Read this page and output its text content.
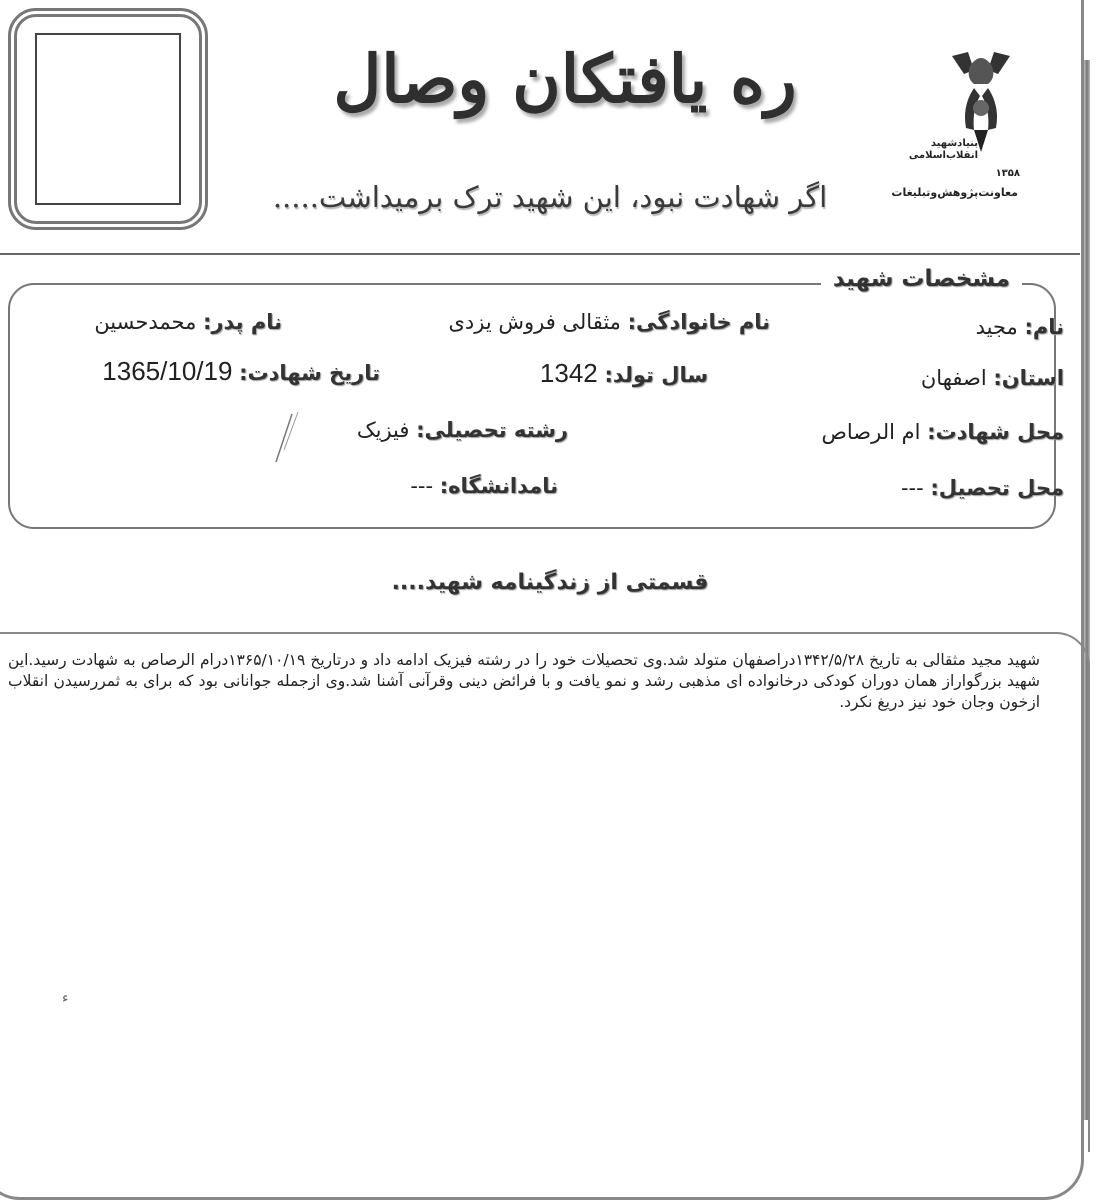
بنیادشهید
انقلاب‌اسلامی
۱۳۵۸
معاونت‌پژوهش‌وتبلیغات
ره یافتکان وصال
اگر شهادت نبود، این شهید ترک برمیداشت.....
مشخصات شهید
نام: مجید
نام خانوادگی: مثقالی فروش یزدی
نام پدر: محمدحسین
استان: اصفهان
سال تولد: 1342
تاریخ شهادت: 1365/10/19
محل شهادت: ام الرصاص
رشته تحصیلی: فیزیک
محل تحصیل: ---
نامدانشگاه: ---
قسمتی از زندگینامه شهید....
شهید مجید مثقالی به تاریخ ۱۳۴۲/۵/۲۸دراصفهان متولد شد.وی تحصیلات خود را در رشته فیزیک ادامه داد و درتاریخ ۱۳۶۵/۱۰/۱۹درام الرصاص به شهادت رسید.این شهید بزرگواراز همان دوران کودکی درخانواده ای مذهبی رشد و نمو یافت و با فرائض دینی وقرآنی آشنا شد.وی ازجمله جوانانی بود که برای به ثمررسیدن انقلاب ازخون وجان خود نیز دریغ نکرد.
ء
